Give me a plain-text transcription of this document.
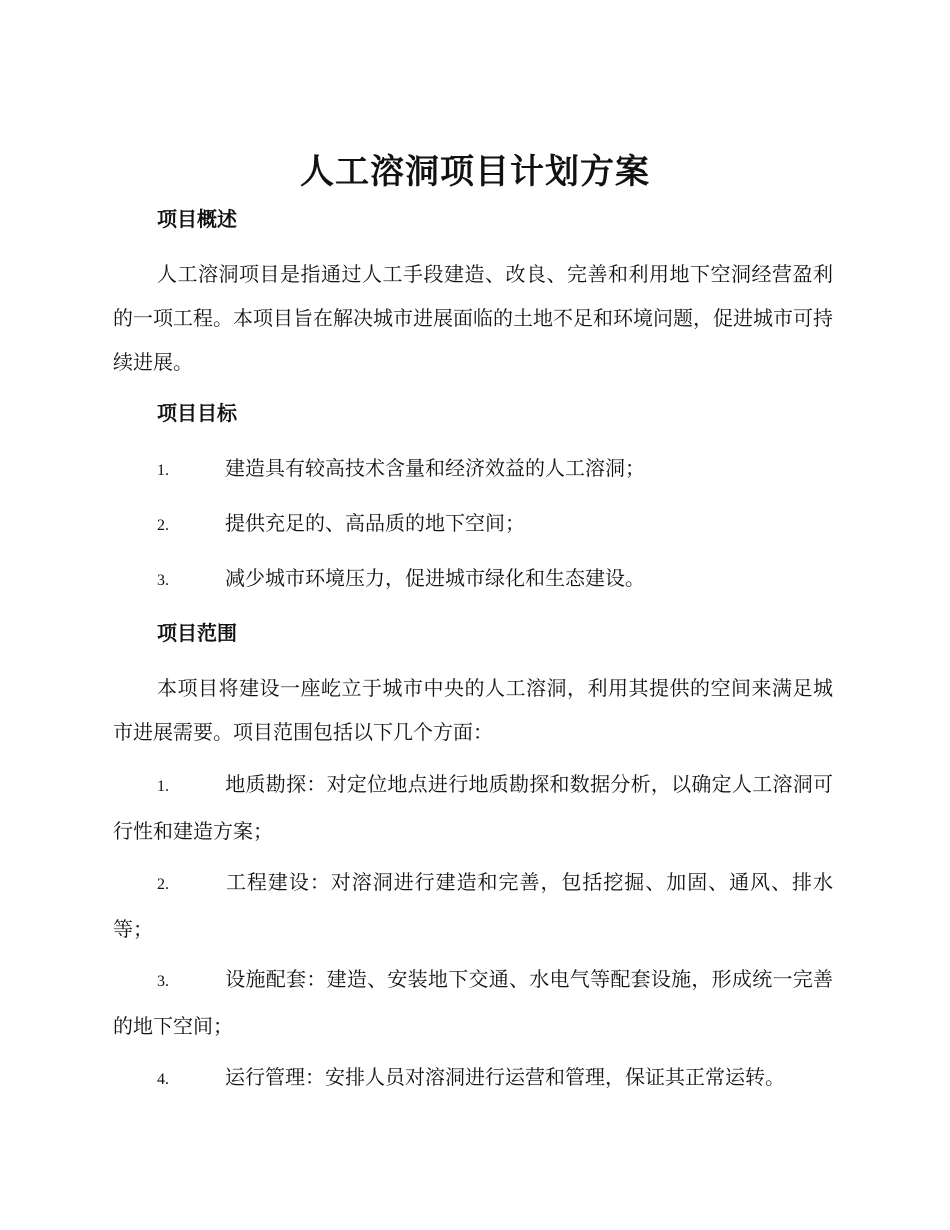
人工溶洞项目计划方案
项目概述
人工溶洞项目是指通过人工手段建造、改良、完善和利用地下空洞经营盈利的一项工程。本项目旨在解决城市进展面临的土地不足和环境问题，促进城市可持续进展。
项目目标
1.	建造具有较高技术含量和经济效益的人工溶洞；
2.	提供充足的、高品质的地下空间；
3.	减少城市环境压力，促进城市绿化和生态建设。
项目范围
本项目将建设一座屹立于城市中央的人工溶洞，利用其提供的空间来满足城市进展需要。项目范围包括以下几个方面：
1.	地质勘探：对定位地点进行地质勘探和数据分析，以确定人工溶洞可行性和建造方案；
2.	工程建设：对溶洞进行建造和完善，包括挖掘、加固、通风、排水等；
3.	设施配套：建造、安装地下交通、水电气等配套设施，形成统一完善的地下空间；
4.	运行管理：安排人员对溶洞进行运营和管理，保证其正常运转。
